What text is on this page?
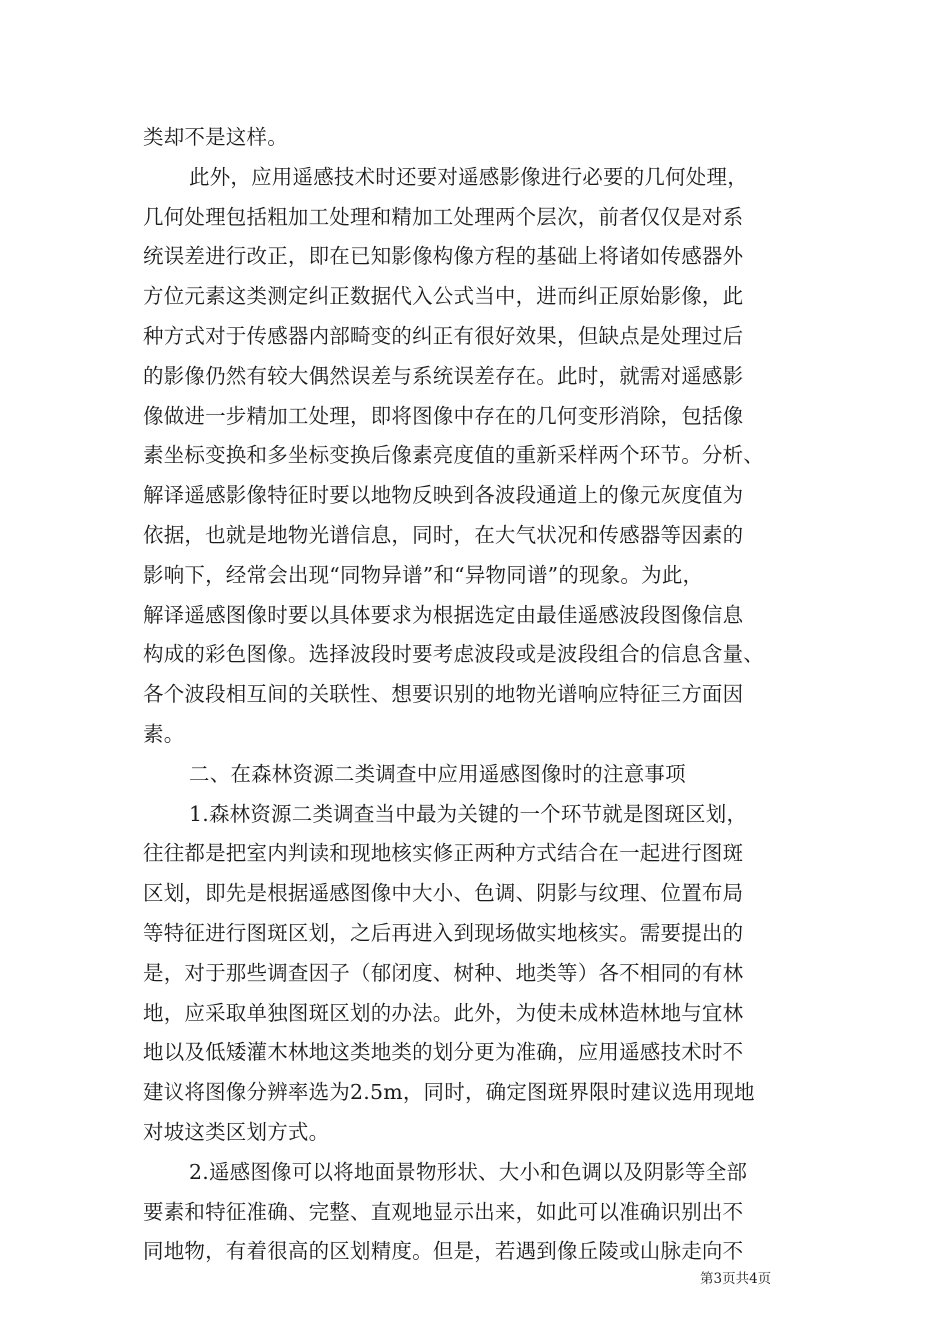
类却不是这样。
此外，应用遥感技术时还要对遥感影像进行必要的几何处理，
几何处理包括粗加工处理和精加工处理两个层次，前者仅仅是对系
统误差进行改正，即在已知影像构像方程的基础上将诸如传感器外
方位元素这类测定纠正数据代入公式当中，进而纠正原始影像，此
种方式对于传感器内部畸变的纠正有很好效果，但缺点是处理过后
的影像仍然有较大偶然误差与系统误差存在。此时，就需对遥感影
像做进一步精加工处理，即将图像中存在的几何变形消除，包括像
素坐标变换和多坐标变换后像素亮度值的重新采样两个环节。分析、
解译遥感影像特征时要以地物反映到各波段通道上的像元灰度值为
依据，也就是地物光谱信息，同时，在大气状况和传感器等因素的
影响下，经常会出现“同物异谱”和“异物同谱”的现象。为此，
解译遥感图像时要以具体要求为根据选定由最佳遥感波段图像信息
构成的彩色图像。选择波段时要考虑波段或是波段组合的信息含量、
各个波段相互间的关联性、想要识别的地物光谱响应特征三方面因
素。
二、在森林资源二类调查中应用遥感图像时的注意事项
1.森林资源二类调查当中最为关键的一个环节就是图斑区划，
往往都是把室内判读和现地核实修正两种方式结合在一起进行图斑
区划，即先是根据遥感图像中大小、色调、阴影与纹理、位置布局
等特征进行图斑区划，之后再进入到现场做实地核实。需要提出的
是，对于那些调查因子（郁闭度、树种、地类等）各不相同的有林
地，应采取单独图斑区划的办法。此外，为使未成林造林地与宜林
地以及低矮灌木林地这类地类的划分更为准确，应用遥感技术时不
建议将图像分辨率选为2.5m，同时，确定图斑界限时建议选用现地
对坡这类区划方式。
2.遥感图像可以将地面景物形状、大小和色调以及阴影等全部
要素和特征准确、完整、直观地显示出来，如此可以准确识别出不
同地物，有着很高的区划精度。但是，若遇到像丘陵或山脉走向不
第3页共4页
